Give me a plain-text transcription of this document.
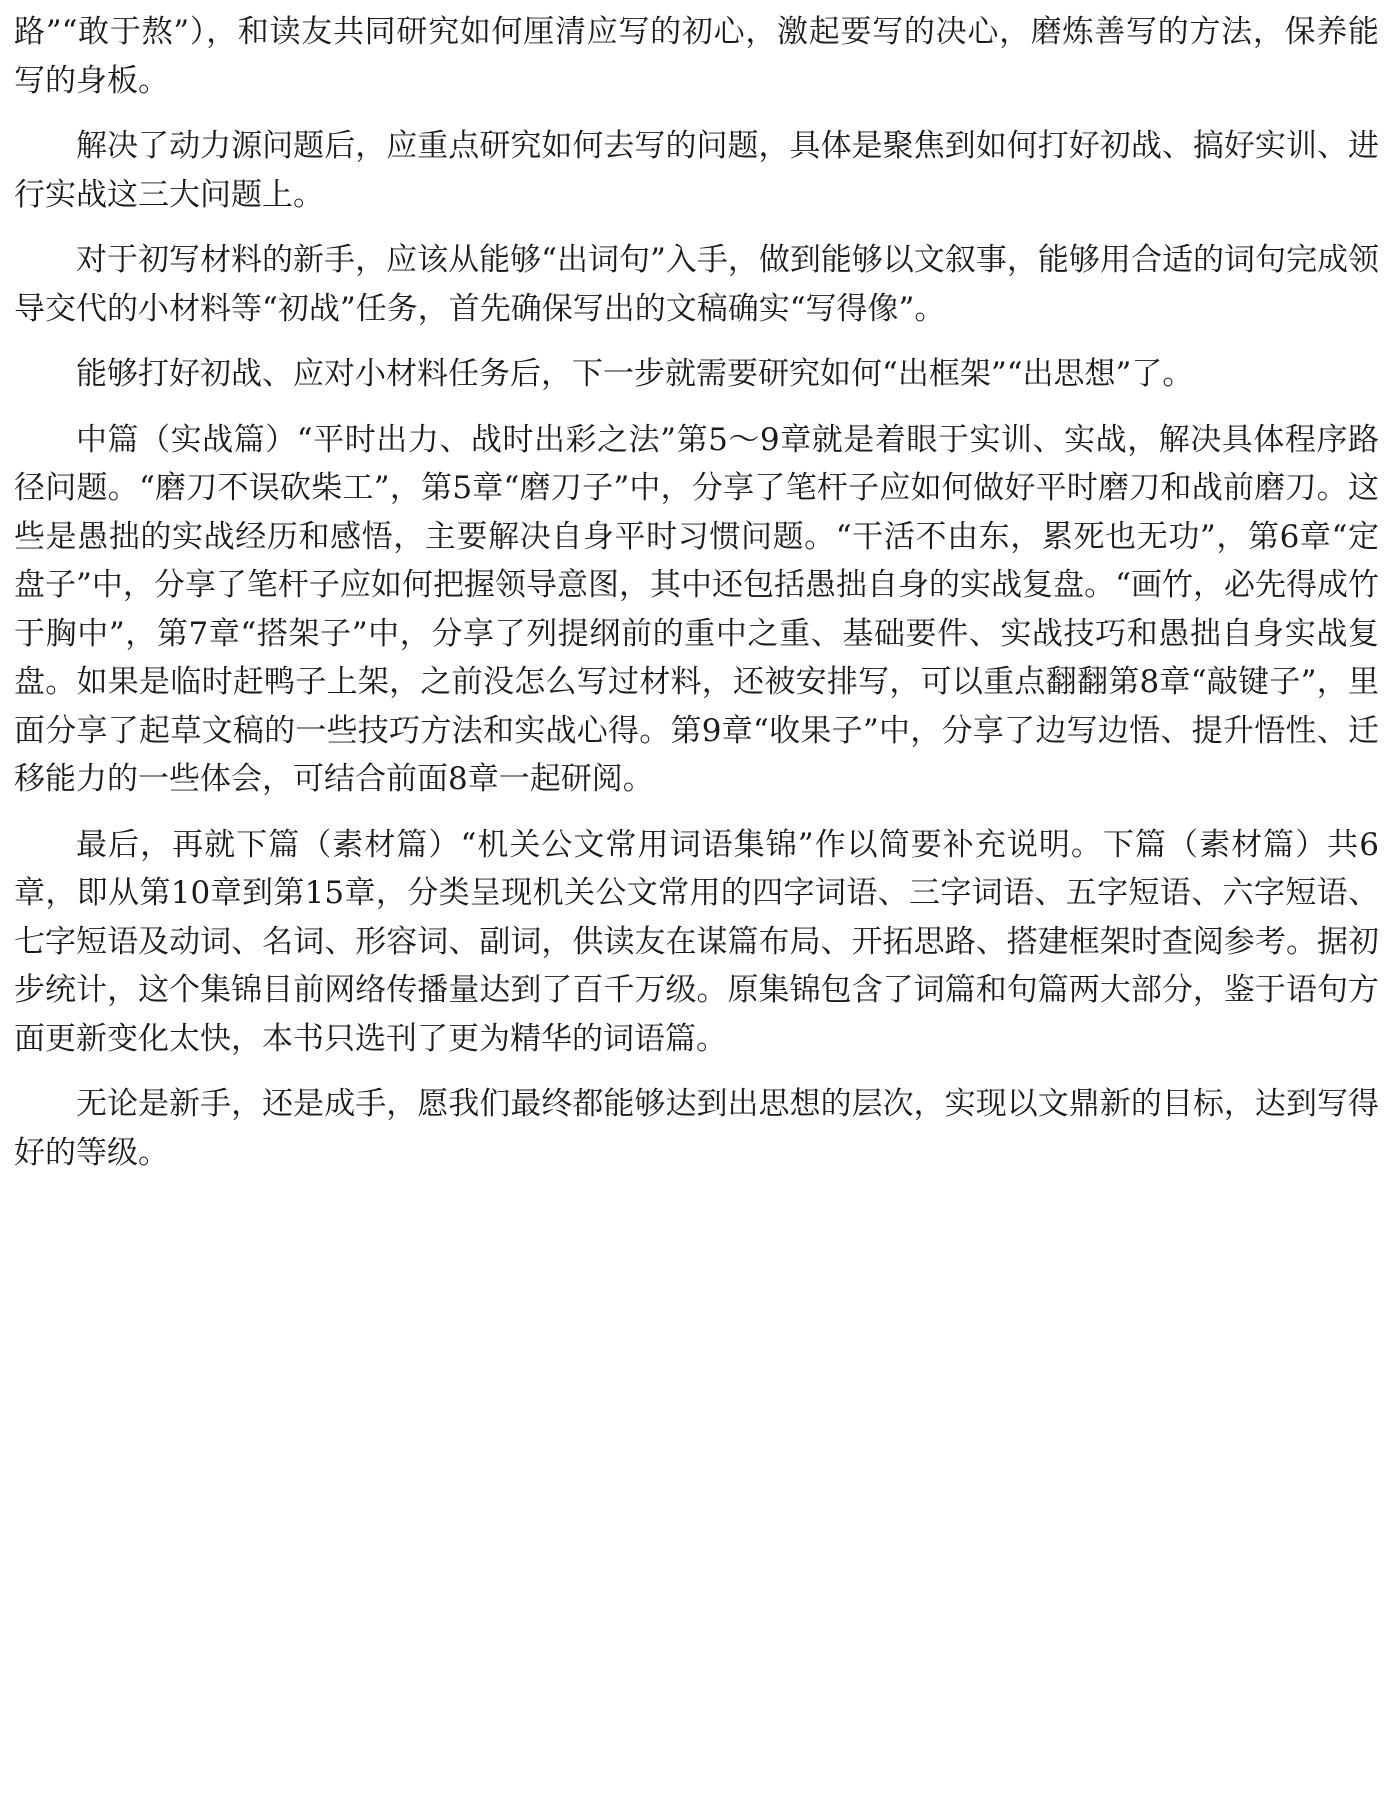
路”“敢于熬”），和读友共同研究如何厘清应写的初心，激起要写的决心，磨炼善写的方法，保养能写的身板。

解决了动力源问题后，应重点研究如何去写的问题，具体是聚焦到如何打好初战、搞好实训、进行实战这三大问题上。

对于初写材料的新手，应该从能够“出词句”入手，做到能够以文叙事，能够用合适的词句完成领导交代的小材料等“初战”任务，首先确保写出的文稿确实“写得像”。

能够打好初战、应对小材料任务后，下一步就需要研究如何“出框架”“出思想”了。

中篇（实战篇）“平时出力、战时出彩之法”第5～9章就是着眼于实训、实战，解决具体程序路径问题。“磨刀不误砍柴工”，第5章“磨刀子”中，分享了笔杆子应如何做好平时磨刀和战前磨刀。这些是愚拙的实战经历和感悟，主要解决自身平时习惯问题。“干活不由东，累死也无功”，第6章“定盘子”中，分享了笔杆子应如何把握领导意图，其中还包括愚拙自身的实战复盘。“画竹，必先得成竹于胸中”，第7章“搭架子”中，分享了列提纲前的重中之重、基础要件、实战技巧和愚拙自身实战复盘。如果是临时赶鸭子上架，之前没怎么写过材料，还被安排写，可以重点翻翻第8章“敲键子”，里面分享了起草文稿的一些技巧方法和实战心得。第9章“收果子”中，分享了边写边悟、提升悟性、迁移能力的一些体会，可结合前面8章一起研阅。

最后，再就下篇（素材篇）“机关公文常用词语集锦”作以简要补充说明。下篇（素材篇）共6章，即从第10章到第15章，分类呈现机关公文常用的四字词语、三字词语、五字短语、六字短语、七字短语及动词、名词、形容词、副词，供读友在谋篇布局、开拓思路、搭建框架时查阅参考。据初步统计，这个集锦目前网络传播量达到了百千万级。原集锦包含了词篇和句篇两大部分，鉴于语句方面更新变化太快，本书只选刊了更为精华的词语篇。

无论是新手，还是成手，愿我们最终都能够达到出思想的层次，实现以文鼎新的目标，达到写得好的等级。
